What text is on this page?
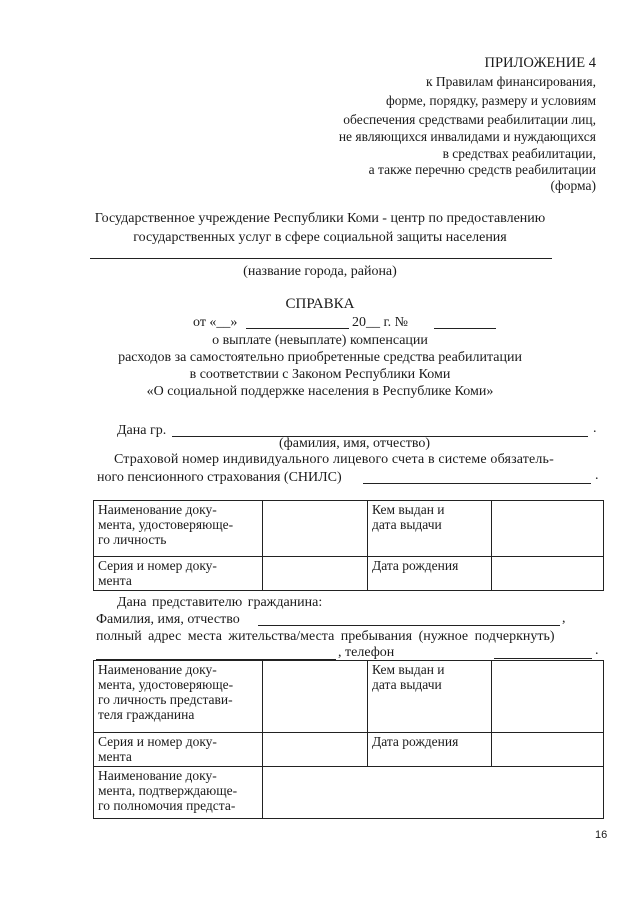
ПРИЛОЖЕНИЕ 4
к Правилам финансирования,
форме, порядку, размеру и условиям
обеспечения средствами реабилитации лиц,
не являющихся инвалидами и нуждающихся
в средствах реабилитации,
а также перечню средств реабилитации
(форма)
Государственное учреждение Республики Коми - центр по предоставлению
государственных услуг в сфере социальной защиты населения
(название города, района)
СПРАВКА
от «__»	20__ г. №
о выплате (невыплате) компенсации
расходов за самостоятельно приобретенные средства реабилитации
в соответствии с Законом Республики Коми
«О социальной поддержке населения в Республике Коми»
Дана гр.	.
(фамилия, имя, отчество)
Страховой номер индивидуального лицевого счета в системе обязатель-
ного пенсионного страхования (СНИЛС)	.
Наименование доку-
мента, удостоверяюще-
го личность		Кем выдан и
дата выдачи	
Серия и номер доку-
мента		Дата рождения	
Дана представителю гражданина:
Фамилия, имя, отчество	,
полный адрес места жительства/места пребывания (нужное подчеркнуть)
, телефон	.
Наименование доку-
мента, удостоверяюще-
го личность представи-
теля гражданина		Кем выдан и
дата выдачи	
Серия и номер доку-
мента		Дата рождения	
Наименование доку-
мента, подтверждающе-
го полномочия предста-			
16
